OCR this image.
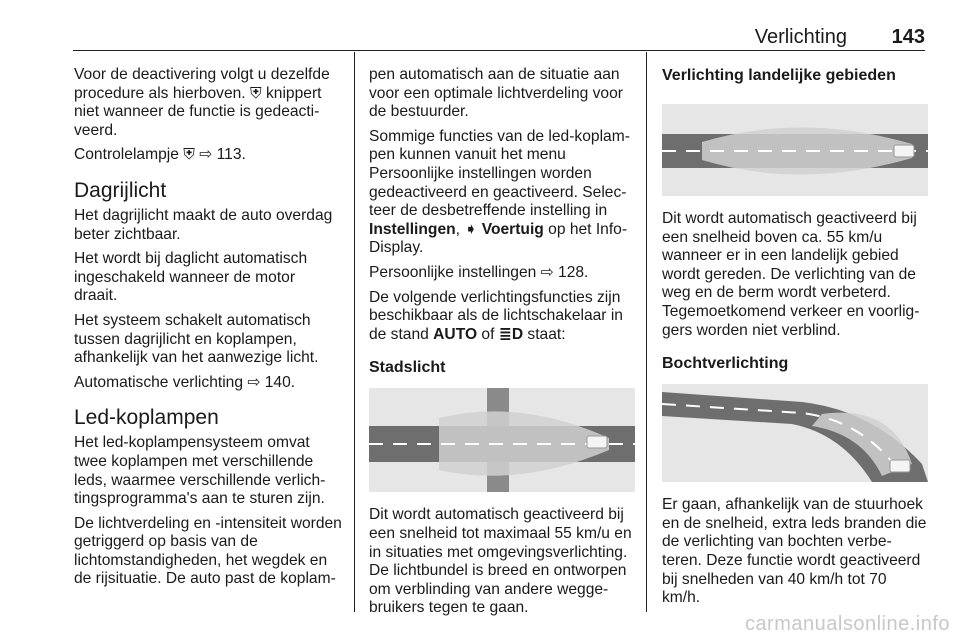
Verlichting 143

Voor de deactivering volgt u dezelfde procedure als hierboven. ⛨ knippert niet wanneer de functie is gedeacti-veerd.

Controlelampje ⛨ ⇨ 113.

Dagrijlicht

Het dagrijlicht maakt de auto overdag beter zichtbaar.

Het wordt bij daglicht automatisch ingeschakeld wanneer de motor draait.

Het systeem schakelt automatisch tussen dagrijlicht en koplampen, afhankelijk van het aanwezige licht.

Automatische verlichting ⇨ 140.

Led-koplampen

Het led-koplampensysteem omvat twee koplampen met verschillende leds, waarmee verschillende verlich-tingsprogramma's aan te sturen zijn.

De lichtverdeling en -intensiteit worden getriggerd op basis van de lichtomstandigheden, het wegdek en de rijsituatie. De auto past de koplam-

pen automatisch aan de situatie aan voor een optimale lichtverdeling voor de bestuurder.

Sommige functies van de led-koplam-pen kunnen vanuit het menu Persoonlijke instellingen worden gedeactiveerd en geactiveerd. Selec-teer de desbetreffende instelling in Instellingen, ➧ Voertuig op het Info-Display.

Persoonlijke instellingen ⇨ 128.

De volgende verlichtingsfuncties zijn beschikbaar als de lichtschakelaar in de stand AUTO of ≣D staat:

Stadslicht

Dit wordt automatisch geactiveerd bij een snelheid tot maximaal 55 km/u en in situaties met omgevingsverlichting. De lichtbundel is breed en ontworpen om verblinding van andere wegge-bruikers tegen te gaan.

Verlichting landelijke gebieden

Dit wordt automatisch geactiveerd bij een snelheid boven ca. 55 km/u wanneer er in een landelijk gebied wordt gereden. De verlichting van de weg en de berm wordt verbeterd. Tegemoetkomend verkeer en voorlig-gers worden niet verblind.

Bochtverlichting

Er gaan, afhankelijk van de stuurhoek en de snelheid, extra leds branden die de verlichting van bochten verbe-teren. Deze functie wordt geactiveerd bij snelheden van 40 km/h tot 70 km/h.

carmanualsonline.info
